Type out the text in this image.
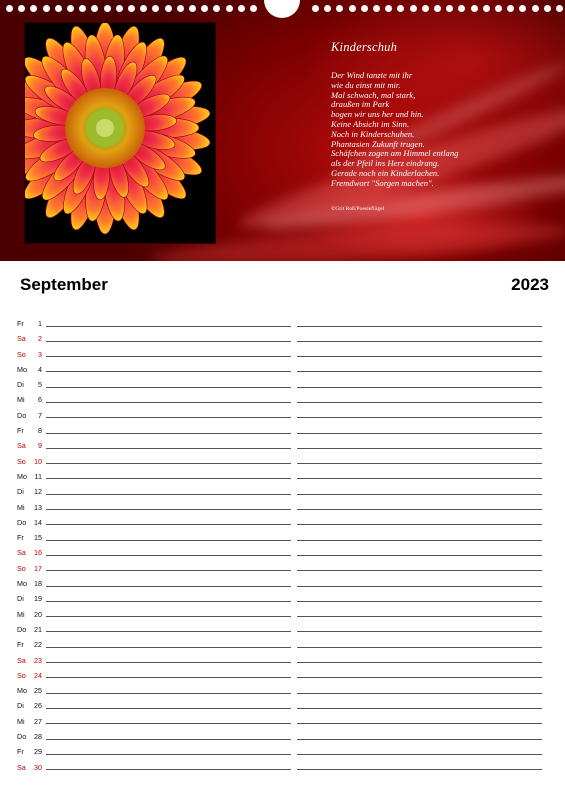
Kinderschuh
Der Wind tanzte mit ihr
wie du einst mit mir.
Mal schwach, mal stark,
draußen im Park
bogen wir uns her und hin.
Keine Absicht im Sinn.
Noch in Kinderschuhen.
Phantasien Zukunft trugen.
Schäfchen zogen am Himmel entlang
als der Pfeil ins Herz eindrang.
Gerade noch ein Kinderlachen.
Fremdwort "Sorgen machen".
©Grit Roß/Poesieflügel
September	2023
Fr	1
Sa	2
So	3
Mo	4
Di	5
Mi	6
Do	7
Fr	8
Sa	9
So	10
Mo	11
Di	12
Mi	13
Do	14
Fr	15
Sa	16
So	17
Mo 18
Di	19
Mi	20
Do	21
Fr	22
Sa	23
So	24
Mo 25
Di	26
Mi	27
Do	28
Fr	29
Sa	30
